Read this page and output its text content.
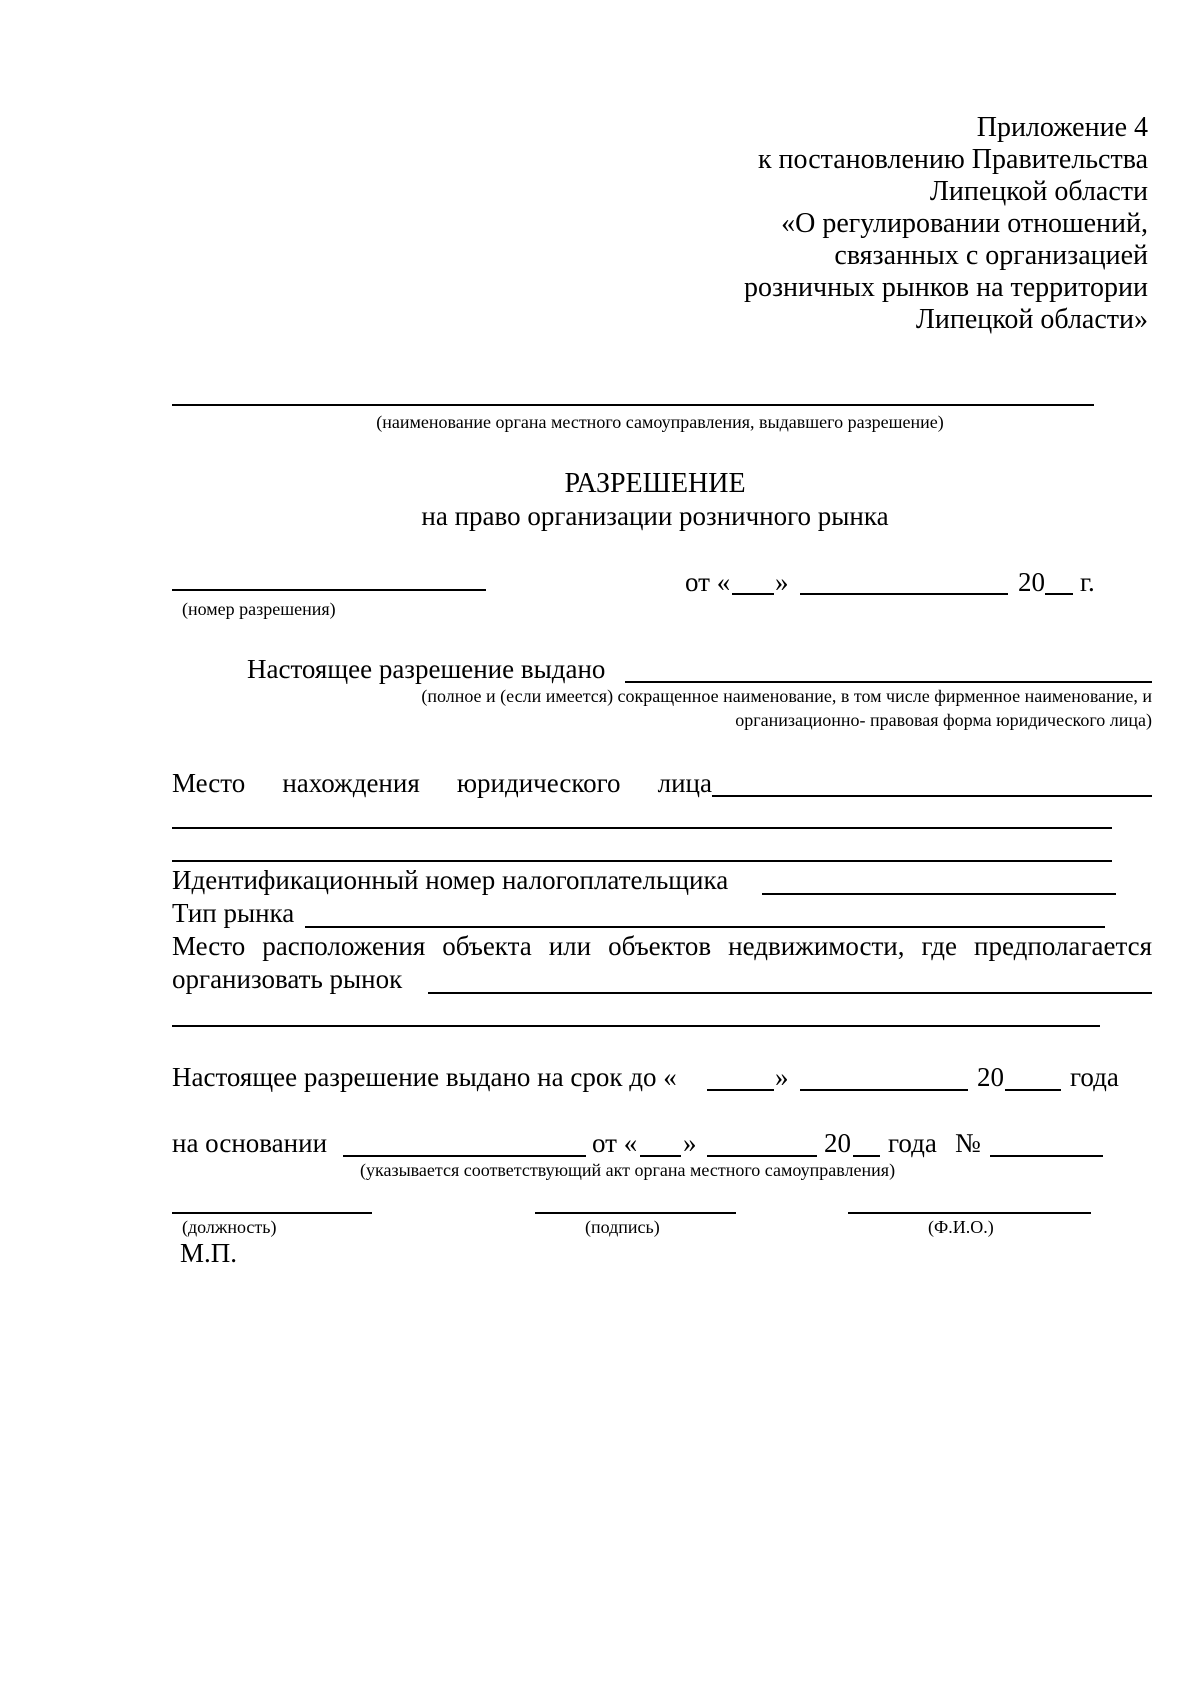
Приложение 4
к постановлению Правительства
Липецкой области
«О регулировании отношений,
связанных с организацией
розничных рынков на территории
Липецкой области»
(наименование органа местного самоуправления, выдавшего разрешение)
РАЗРЕШЕНИЕ
на право организации розничного рынка
(номер разрешения)
от « »	20 г.
Настоящее разрешение выдано
(полное и (если имеется) сокращенное наименование, в том числе фирменное наименование, и
организационно- правовая форма юридического лица)
Место нахождения юридического лица
Идентификационный номер налогоплательщика
Тип рынка
Место расположения объекта или объектов недвижимости, где предполагается
организовать рынок
Настоящее разрешение выдано на срок до «	»	20 года
на основании	от « »	20 года №
(указывается соответствующий акт органа местного самоуправления)
(должность)	(подпись)	(Ф.И.О.)
М.П.
